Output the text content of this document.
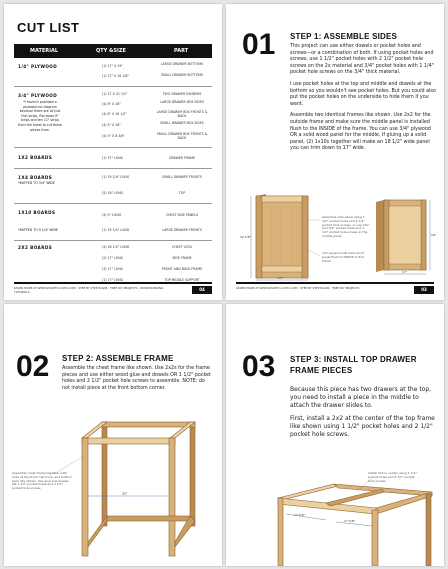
CUT LIST
MATERIAL	QTY &SIZE	PART
1/4" PLYWOOD	(1) 17" X 19"	LARGE DRAWER BOTTOMS
(1) 17" X 16 1/8"	SMALL DRAWER BOTTOMS
3/4" PLYWOOD
*I haven't provided a plywood cut diagram because there are all just thin strips. Rip down 6" strips and ten 11" strips from the sheet to cut these pieces from.
(1) 17 X 31 1/2"	TWO DRAWER DIVIDERS
(4) 6" X 16"	LARGE DRAWER BOX SIDES
(4) 6" X 16 1/2"	LARGE DRAWER BOX FRONTS & BACK
(4) 5" X 16"	SMALL DRAWER BOX SIDES
(4) 5" X 8 3/8"	SMALL DRAWER BOX FRONTS & BACK
1X2 BOARDS	(1) 37" LONG	DRAWER FRAME
1X4 BOARDS
*BUFFED TO 3/4" WIDE
(1) 19 1/4" LONG	SMALL DRAWER FRONTS
(5) 18" LONG	TOP
1X10 BOARDS
*BUFFED TO 9 1/4" WIDE
(4) 9" LONG	CHEST SIDE PANELS
(1) 19 1/4" LONG	LARGE DRAWER FRONTS
2X2 BOARDS	(4) 18 1/2" LONG	CHEST LEGS
(2) 17" LONG	SIDE FRAME
(3) 17" LONG	FRONT AND BACK FRAME
(1) 17" LONG	TOP MIDDLE SUPPORT
LEARN MORE AT WWW.SHANTY-2-CHIC.COM · STEP BY STEP PLANS · FREE DIY PROJECTS · WOODWORKING TUTORIALS	04
01 STEP 1: ASSEMBLE SIDES

This project can use either dowels or pocket holes and screws—or a combination of both. If using pocket holes and screws, use 1 1/2" pocket holes with 2 1/2" pocket hole screws on the 2x material and 3/4" pocket holes with 1 1/4" pocket hole screws on the 3/4" thick material.

I use pocket holes at the top and middle and dowels at the bottom so you wouldn't see pocket holes. But you could also put the pocket holes on the underside to hide them if you want.

Assemble two identical frames like shown. Use 2x2 for the outside frame and make sure the middle panel is installed flush to the INSIDE of the frame. You can use 3/4" plywood OR a solid wood panel for the middle. If gluing up a solid panel, (2) 1x10s together will make an 18 1/2" wide panel you can trim down to 17" wide.

22 1/8"
17"
18"
17"
Assemble side panel using 1 1/2" pocket holes and 2 1/2" pocket hole screws, or use 3/4" and 5/4" pocket holes and 1 1/4" pocket hole screws in the middle panel
3/4" plywood OR solid wood panel flush to INSIDE of 2x2 frame
LEARN MORE AT WWW.SHANTY-2-CHIC.COM · STEP BY STEP PLANS · FREE DIY PROJECTS	03
02 STEP 2: ASSEMBLE FRAME
Assemble the chest frame like shown. Use 2x2s for the frame pieces and use either wood glue and dowels OR 1 1/2" pocket holes and 2 1/2" pocket hole screws to assemble. NOTE: do not install piece at the front bottom corner.
37"
Assemble chest frame together with 2x2s at two front, top front, and bottom back like shown. Use glue and dowels OR 1 1/2" pocket holes and 2 1/2" pocket hole screws
03 STEP 3: INSTALL TOP DRAWER FRAME PIECES

Because this piece has two drawers at the top, you need to install a piece in the middle to attach the drawer slides to.

First, install a 2x2 at the center of the top frame like shown using 1 1/2" pocket holes and 2 1/2" pocket hole screws.

17 5/8"
17 5/8"
Install 2x2 in center using 1 1/2" pocket holes and 2 1/2" pocket hole screws
